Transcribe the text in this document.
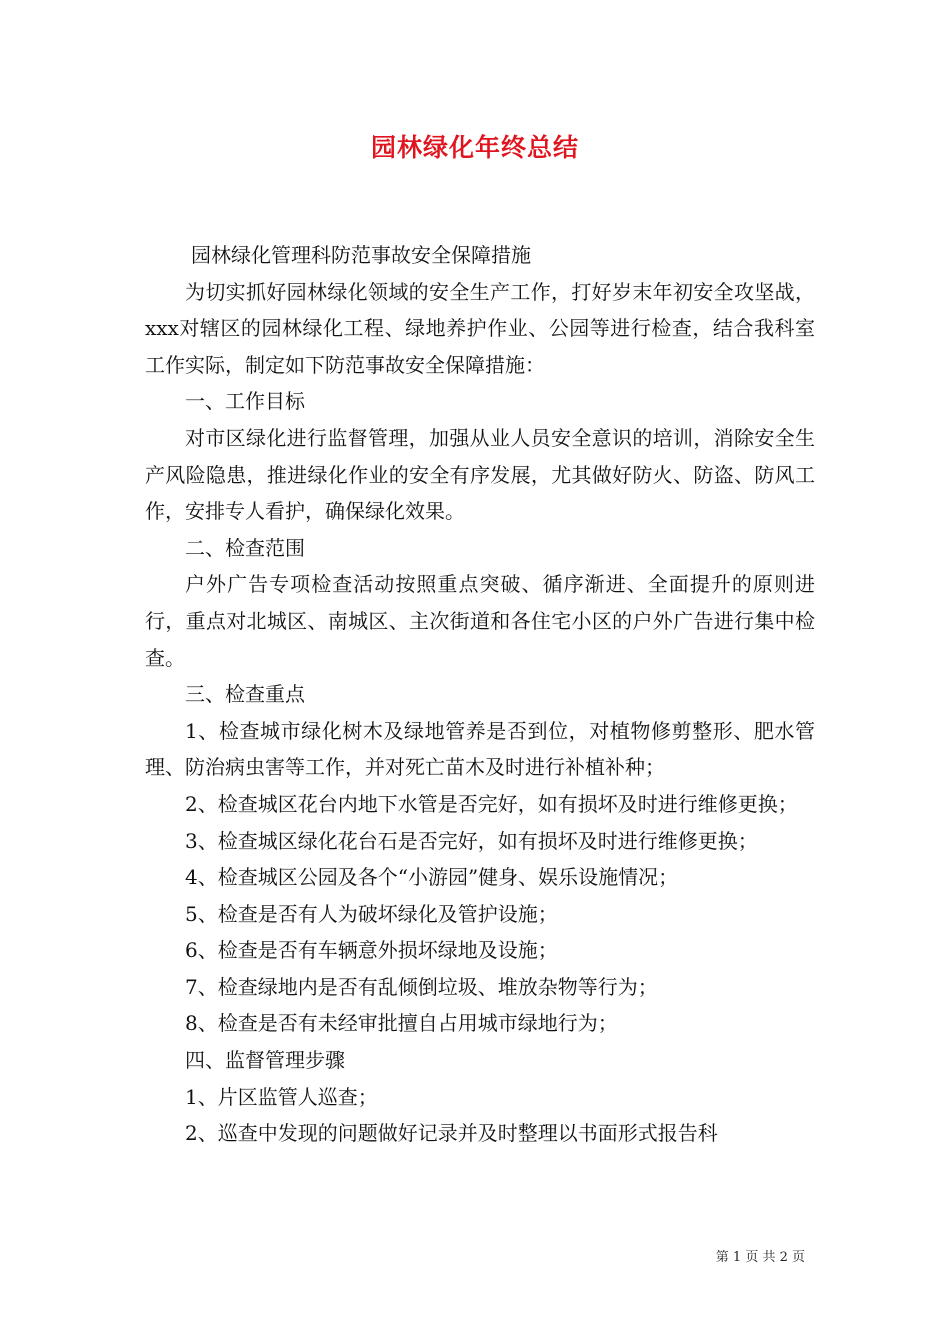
园林绿化年终总结

园林绿化管理科防范事故安全保障措施

为切实抓好园林绿化领域的安全生产工作，打好岁末年初安全攻坚战，xxx对辖区的园林绿化工程、绿地养护作业、公园等进行检查，结合我科室工作实际，制定如下防范事故安全保障措施：

一、工作目标

对市区绿化进行监督管理，加强从业人员安全意识的培训，消除安全生产风险隐患，推进绿化作业的安全有序发展，尤其做好防火、防盗、防风工作，安排专人看护，确保绿化效果。

二、检查范围

户外广告专项检查活动按照重点突破、循序渐进、全面提升的原则进行，重点对北城区、南城区、主次街道和各住宅小区的户外广告进行集中检查。

三、检查重点

1、检查城市绿化树木及绿地管养是否到位，对植物修剪整形、肥水管理、防治病虫害等工作，并对死亡苗木及时进行补植补种；

2、检查城区花台内地下水管是否完好，如有损坏及时进行维修更换；

3、检查城区绿化花台石是否完好，如有损坏及时进行维修更换；

4、检查城区公园及各个“小游园”健身、娱乐设施情况；

5、检查是否有人为破坏绿化及管护设施；

6、检查是否有车辆意外损坏绿地及设施；

7、检查绿地内是否有乱倾倒垃圾、堆放杂物等行为；

8、检查是否有未经审批擅自占用城市绿地行为；

四、监督管理步骤

1、片区监管人巡查；

2、巡查中发现的问题做好记录并及时整理以书面形式报告科

第 1 页 共 2 页
